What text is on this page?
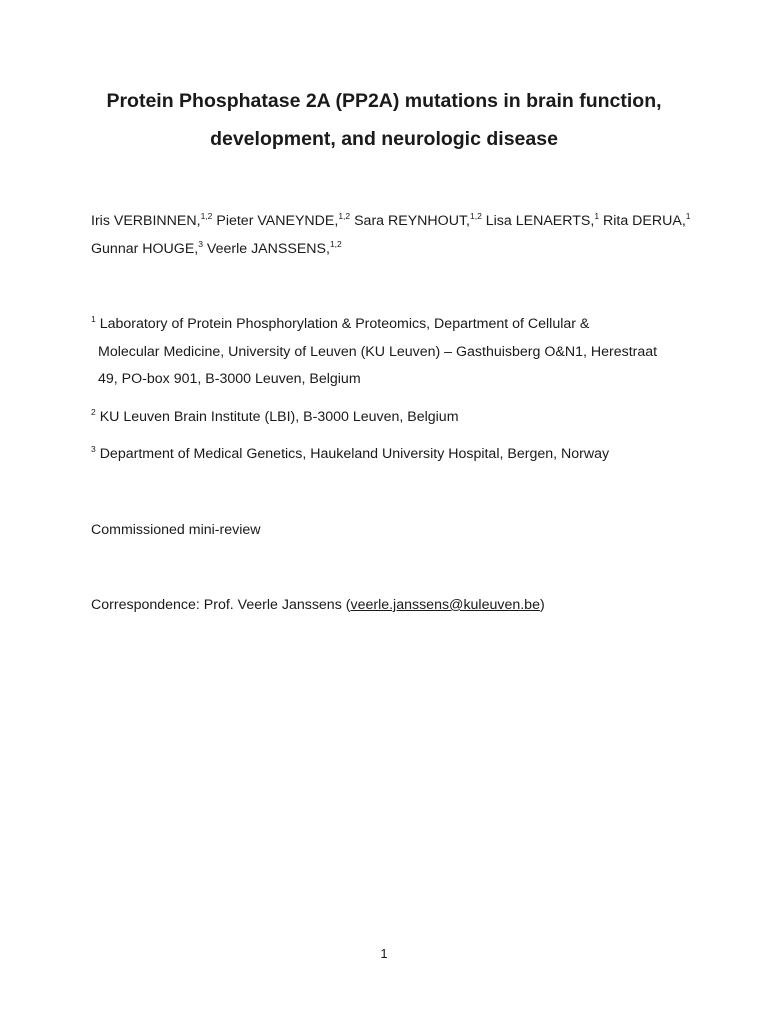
Protein Phosphatase 2A (PP2A) mutations in brain function,
development, and neurologic disease
Iris VERBINNEN,$^{1,2}$ Pieter VANEYNDE,$^{1,2}$ Sara REYNHOUT,$^{1,2}$ Lisa LENAERTS,$^1$ Rita DERUA,$^1$
Gunnar HOUGE,$^3$ Veerle JANSSENS,$^{1,2}$
$^1$ Laboratory of Protein Phosphorylation & Proteomics, Department of Cellular &
Molecular Medicine, University of Leuven (KU Leuven) – Gasthuisberg O&N1, Herestraat
49, PO-box 901, B-3000 Leuven, Belgium
$^2$ KU Leuven Brain Institute (LBI), B-3000 Leuven, Belgium
$^3$ Department of Medical Genetics, Haukeland University Hospital, Bergen, Norway
Commissioned mini-review
Correspondence: Prof. Veerle Janssens (veerle.janssens@kuleuven.be)
1
